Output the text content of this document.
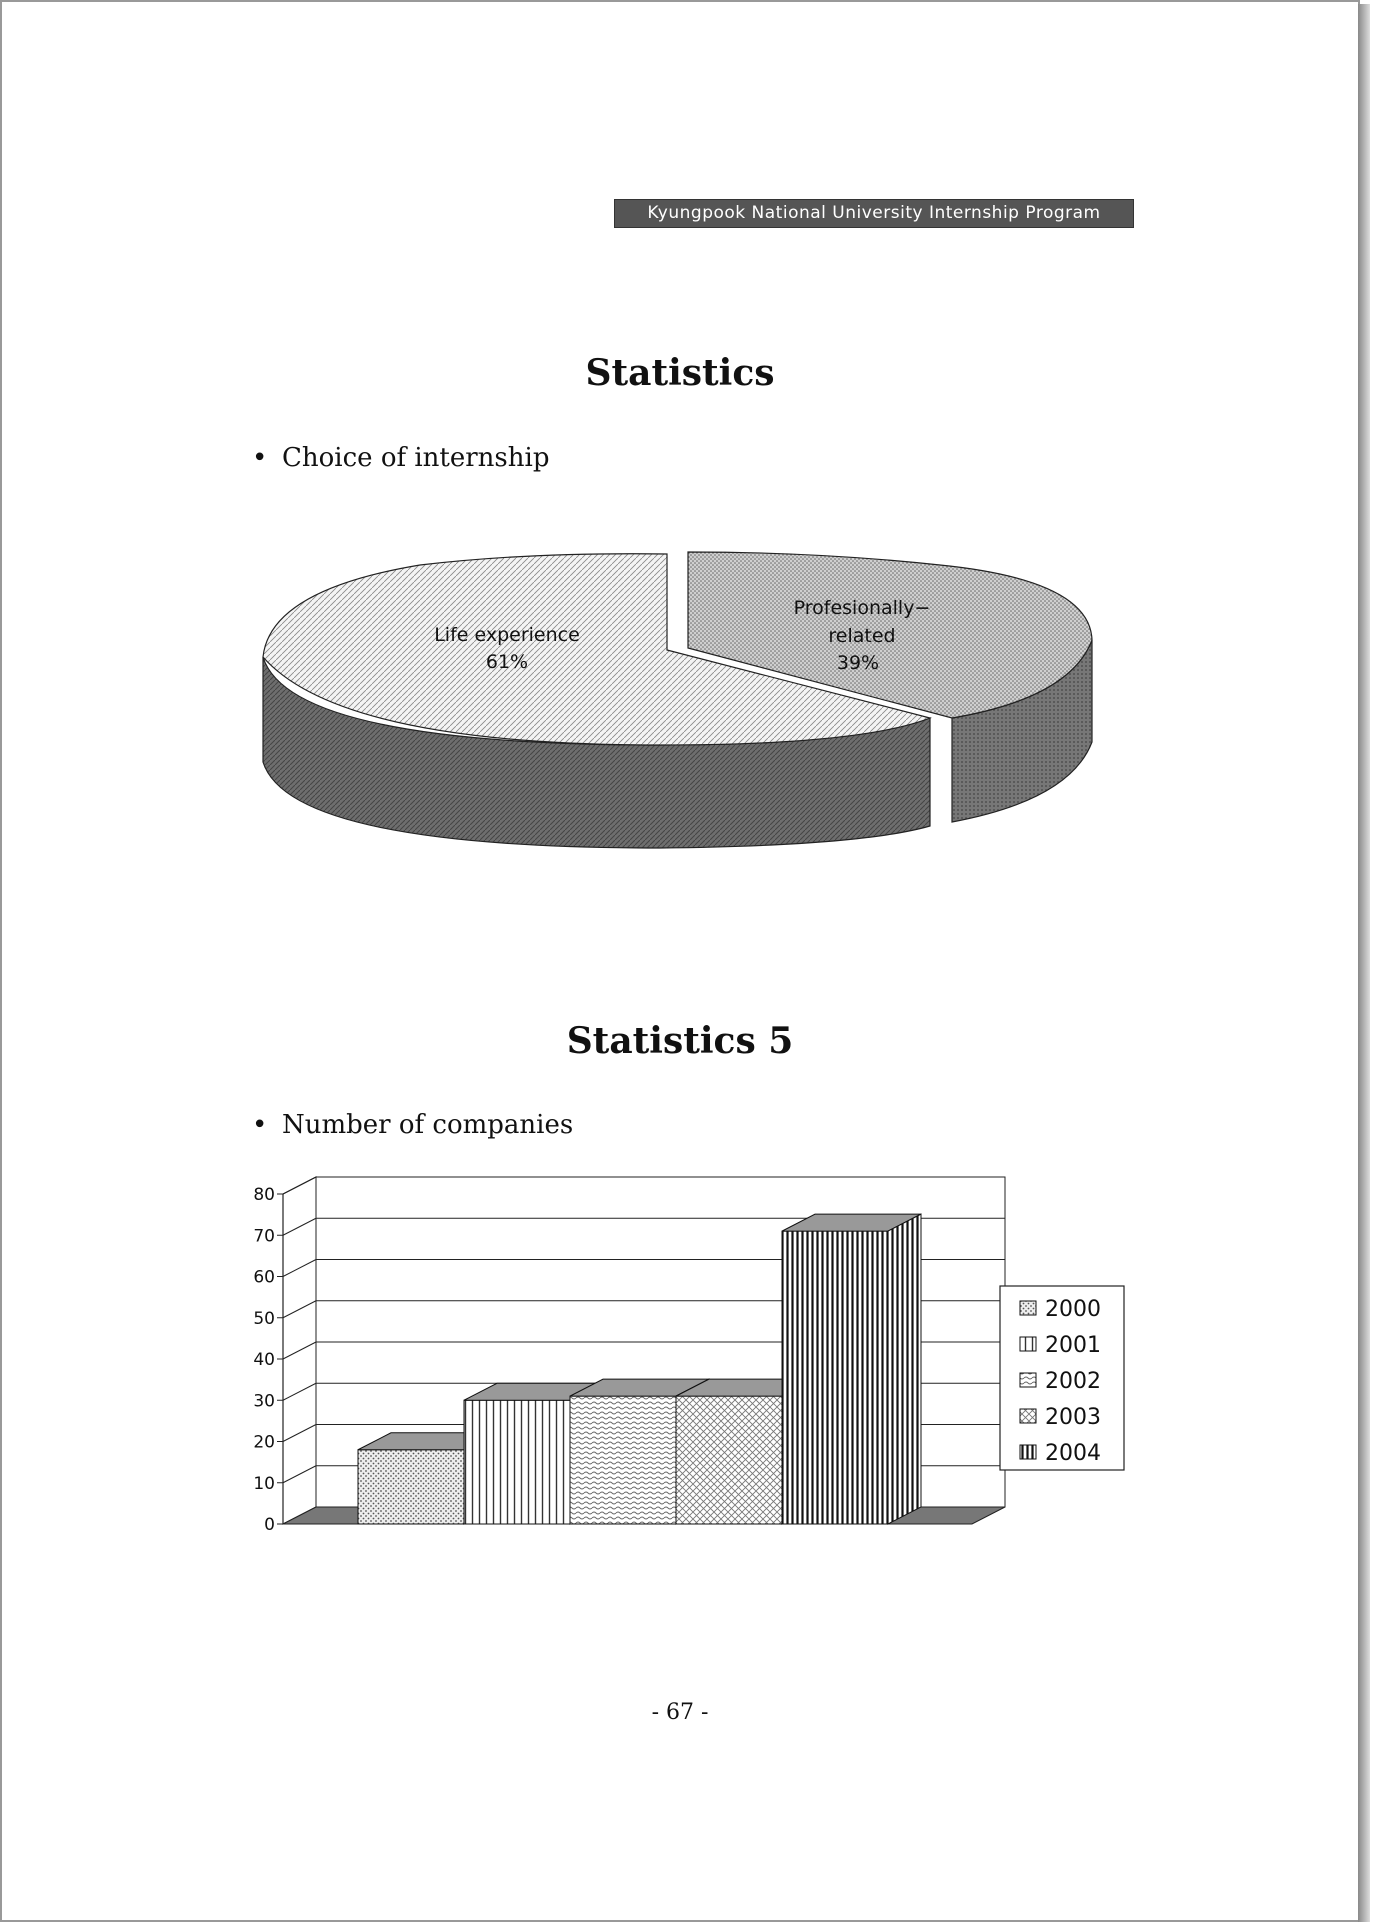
Kyungpook National University Internship Program
Statistics
• Choice of internship
Statistics 5
• Number of companies
Life experience
61%
Profesionally−
related
39%
0
10
20
30
40
50
60
70
80
2000
2001
2002
2003
2004
- 67 -
